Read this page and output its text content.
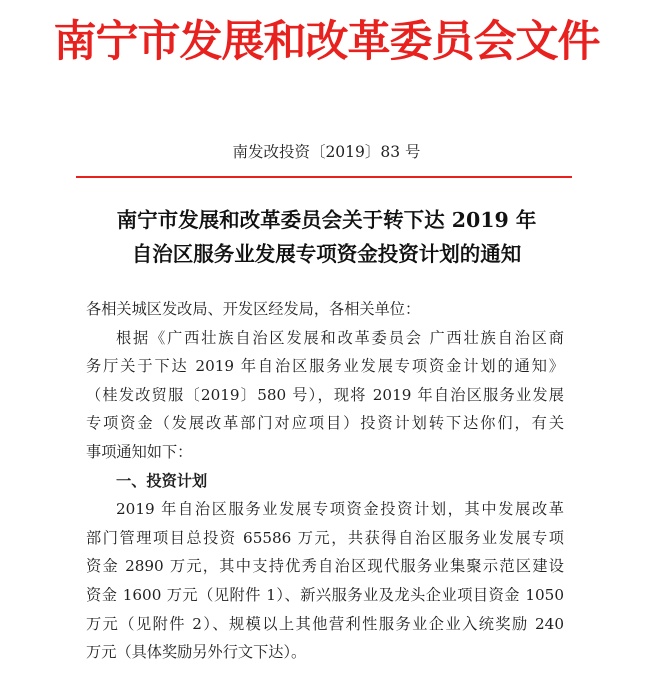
南宁市发展和改革委员会文件
南发改投资〔2019〕83 号
南宁市发展和改革委员会关于转下达 2019 年
自治区服务业发展专项资金投资计划的通知
各相关城区发改局、开发区经发局，各相关单位：
根据《广西壮族自治区发展和改革委员会 广西壮族自治区商
务厅关于下达 2019 年自治区服务业发展专项资金计划的通知》
（桂发改贸服〔2019〕580 号），现将 2019 年自治区服务业发展
专项资金（发展改革部门对应项目）投资计划转下达你们，有关
事项通知如下：
一、投资计划
2019 年自治区服务业发展专项资金投资计划，其中发展改革
部门管理项目总投资 65586 万元，共获得自治区服务业发展专项
资金 2890 万元，其中支持优秀自治区现代服务业集聚示范区建设
资金 1600 万元（见附件 1）、新兴服务业及龙头企业项目资金 1050
万元（见附件 2）、规模以上其他营利性服务业企业入统奖励 240
万元（具体奖励另外行文下达）。
